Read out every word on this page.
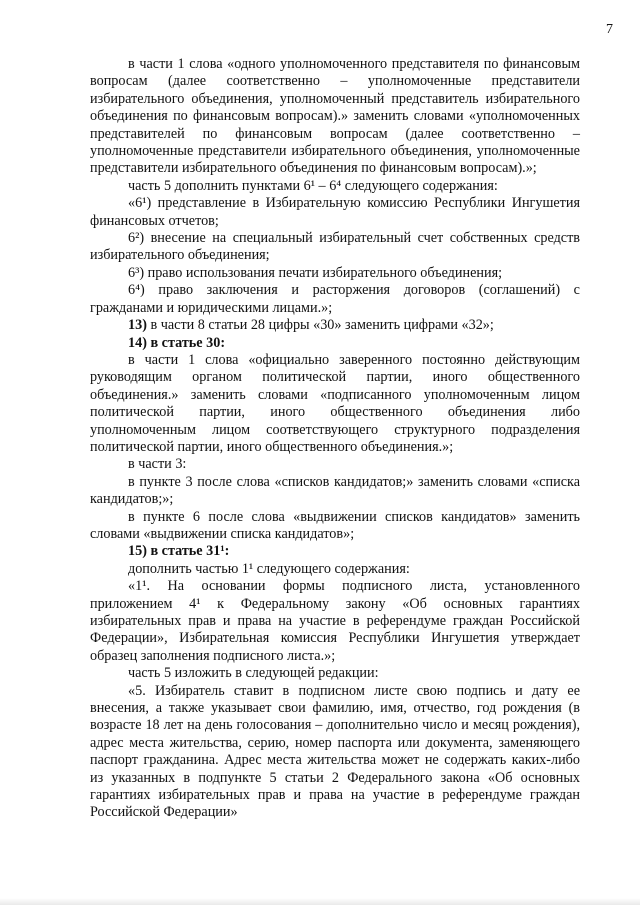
7

в части 1 слова «одного уполномоченного представителя по финансовым вопросам (далее соответственно – уполномоченные представители избирательного объединения, уполномоченный представитель избирательного объединения по финансовым вопросам).» заменить словами «уполномоченных представителей по финансовым вопросам (далее соответственно – уполномоченные представители избирательного объединения, уполномоченные представители избирательного объединения по финансовым вопросам).»;

часть 5 дополнить пунктами 6¹ – 6⁴ следующего содержания:

«6¹) представление в Избирательную комиссию Республики Ингушетия финансовых отчетов;

6²) внесение на специальный избирательный счет собственных средств избирательного объединения;

6³) право использования печати избирательного объединения;

6⁴) право заключения и расторжения договоров (соглашений) с гражданами и юридическими лицами.»;

13) в части 8 статьи 28 цифры «30» заменить цифрами «32»;

14) в статье 30:

в части 1 слова «официально заверенного постоянно действующим руководящим органом политической партии, иного общественного объединения.» заменить словами «подписанного уполномоченным лицом политической партии, иного общественного объединения либо уполномоченным лицом соответствующего структурного подразделения политической партии, иного общественного объединения.»;

в части 3:

в пункте 3 после слова «списков кандидатов;» заменить словами «списка кандидатов;»;

в пункте 6 после слова «выдвижении списков кандидатов» заменить словами «выдвижении списка кандидатов»;

15) в статье 31¹:

дополнить частью 1¹ следующего содержания:

«1¹. На основании формы подписного листа, установленного приложением 4¹ к Федеральному закону «Об основных гарантиях избирательных прав и права на участие в референдуме граждан Российской Федерации», Избирательная комиссия Республики Ингушетия утверждает образец заполнения подписного листа.»;

часть 5 изложить в следующей редакции:

«5. Избиратель ставит в подписном листе свою подпись и дату ее внесения, а также указывает свои фамилию, имя, отчество, год рождения (в возрасте 18 лет на день голосования – дополнительно число и месяц рождения), адрес места жительства, серию, номер паспорта или документа, заменяющего паспорт гражданина. Адрес места жительства может не содержать каких-либо из указанных в подпункте 5 статьи 2 Федерального закона «Об основных гарантиях избирательных прав и права на участие в референдуме граждан Российской Федерации»
